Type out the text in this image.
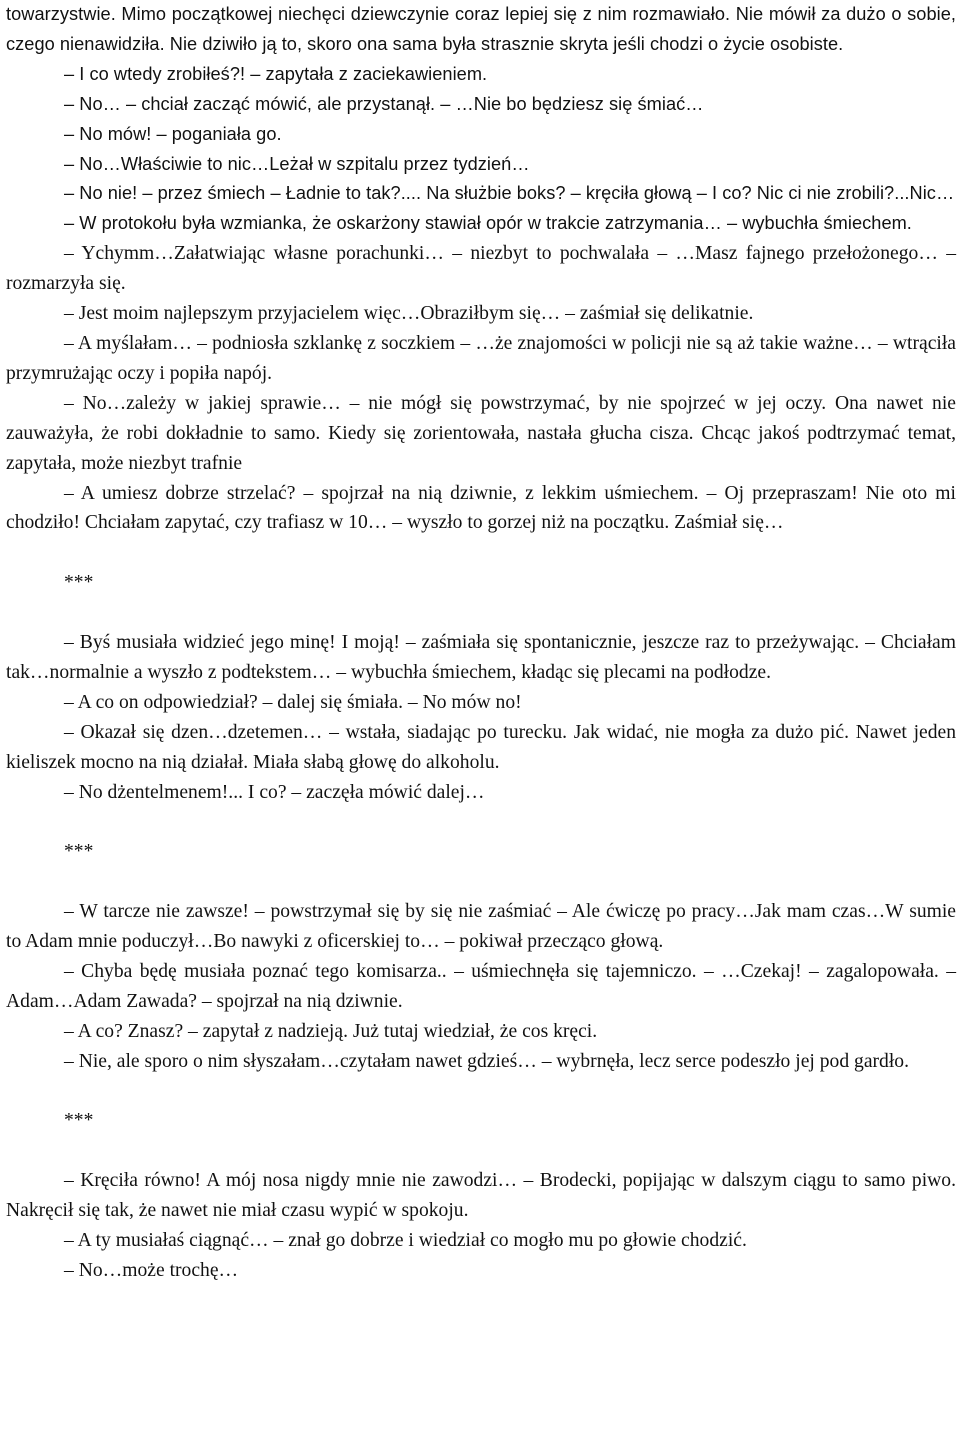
towarzystwie. Mimo początkowej niechęci dziewczynie coraz lepiej się z nim rozmawiało. Nie mówił za dużo o sobie, czego nienawidziła. Nie dziwiło ją to, skoro ona sama była strasznie skryta jeśli chodzi o życie osobiste.

– I co wtedy zrobiłeś?! – zapytała z zaciekawieniem.

– No… – chciał zacząć mówić, ale przystanął. – …Nie bo będziesz się śmiać…

– No mów! – poganiała go.

– No…Właściwie to nic…Leżał w szpitalu przez tydzień…

– No nie! – przez śmiech – Ładnie to tak?.... Na służbie boks? – kręciła głową – I co? Nic ci nie zrobili?...Nic…

– W protokołu była wzmianka, że oskarżony stawiał opór w trakcie zatrzymania… – wybuchła śmiechem.

– Ychymm…Załatwiając własne porachunki… – niezbyt to pochwalała – …Masz fajnego przełożonego… – rozmarzyła się.

– Jest moim najlepszym przyjacielem więc…Obraziłbym się… – zaśmiał się delikatnie.

– A myślałam… – podniosła szklankę z soczkiem – …że znajomości w policji nie są aż takie ważne… – wtrąciła przymrużając oczy i popiła napój.

– No…zależy w jakiej sprawie… – nie mógł się powstrzymać, by nie spojrzeć w jej oczy. Ona nawet nie zauważyła, że robi dokładnie to samo. Kiedy się zorientowała, nastała głucha cisza. Chcąc jakoś podtrzymać temat, zapytała, może niezbyt trafnie

– A umiesz dobrze strzelać? – spojrzał na nią dziwnie, z lekkim uśmiechem. – Oj przepraszam! Nie oto mi chodziło! Chciałam zapytać, czy trafiasz w 10… – wyszło to gorzej niż na początku. Zaśmiał się…

***

– Byś musiała widzieć jego minę! I moją! – zaśmiała się spontanicznie, jeszcze raz to przeżywając. – Chciałam tak…normalnie a wyszło z podtekstem… – wybuchła śmiechem, kładąc się plecami na podłodze.

– A co on odpowiedział? – dalej się śmiała. – No mów no!

– Okazał się dzen…dzetemen… – wstała, siadając po turecku. Jak widać, nie mogła za dużo pić. Nawet jeden kieliszek mocno na nią działał. Miała słabą głowę do alkoholu.

– No dżentelmenem!... I co? – zaczęła mówić dalej…

***

– W tarcze nie zawsze! – powstrzymał się by się nie zaśmiać – Ale ćwiczę po pracy…Jak mam czas…W sumie to Adam mnie poduczył…Bo nawyki z oficerskiej to… – pokiwał przecząco głową.

– Chyba będę musiała poznać tego komisarza.. – uśmiechnęła się tajemniczo. – …Czekaj! – zagalopowała. – Adam…Adam Zawada? – spojrzał na nią dziwnie.

– A co? Znasz? – zapytał z nadzieją. Już tutaj wiedział, że cos kręci.

– Nie, ale sporo o nim słyszałam…czytałam nawet gdzieś… – wybrnęła, lecz serce podeszło jej pod gardło.

***

– Kręciła równo! A mój nosa nigdy mnie nie zawodzi… – Brodecki, popijając w dalszym ciągu to samo piwo. Nakręcił się tak, że nawet nie miał czasu wypić w spokoju.

– A ty musiałaś ciągnąć… – znał go dobrze i wiedział co mogło mu po głowie chodzić.

– No…może trochę…
